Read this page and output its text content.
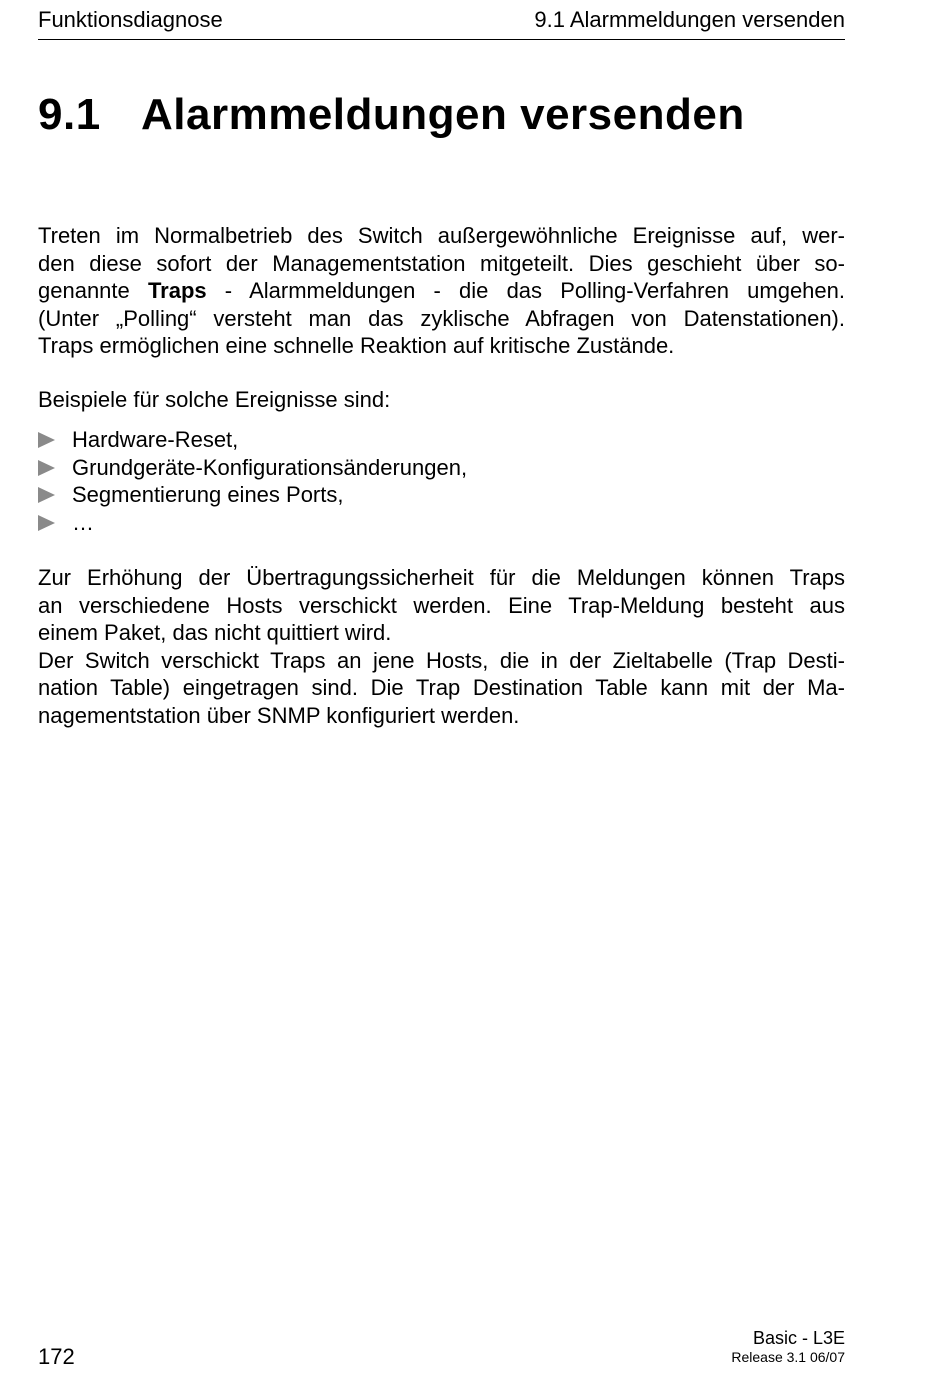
Funktionsdiagnose	9.1 Alarmmeldungen versenden
9.1 Alarmmeldungen versenden
Treten im Normalbetrieb des Switch außergewöhnliche Ereignisse auf, wer-
den diese sofort der Managementstation mitgeteilt. Dies geschieht über so-
genannte Traps - Alarmmeldungen - die das Polling-Verfahren umgehen.
(Unter „Polling“ versteht man das zyklische Abfragen von Datenstationen).
Traps ermöglichen eine schnelle Reaktion auf kritische Zustände.
Beispiele für solche Ereignisse sind:
Hardware-Reset,
Grundgeräte-Konfigurationsänderungen,
Segmentierung eines Ports,
…
Zur Erhöhung der Übertragungssicherheit für die Meldungen können Traps
an verschiedene Hosts verschickt werden. Eine Trap-Meldung besteht aus
einem Paket, das nicht quittiert wird.
Der Switch verschickt Traps an jene Hosts, die in der Zieltabelle (Trap Desti-
nation Table) eingetragen sind. Die Trap Destination Table kann mit der Ma-
nagementstation über SNMP konfiguriert werden.
172
Basic - L3E
Release 3.1 06/07
